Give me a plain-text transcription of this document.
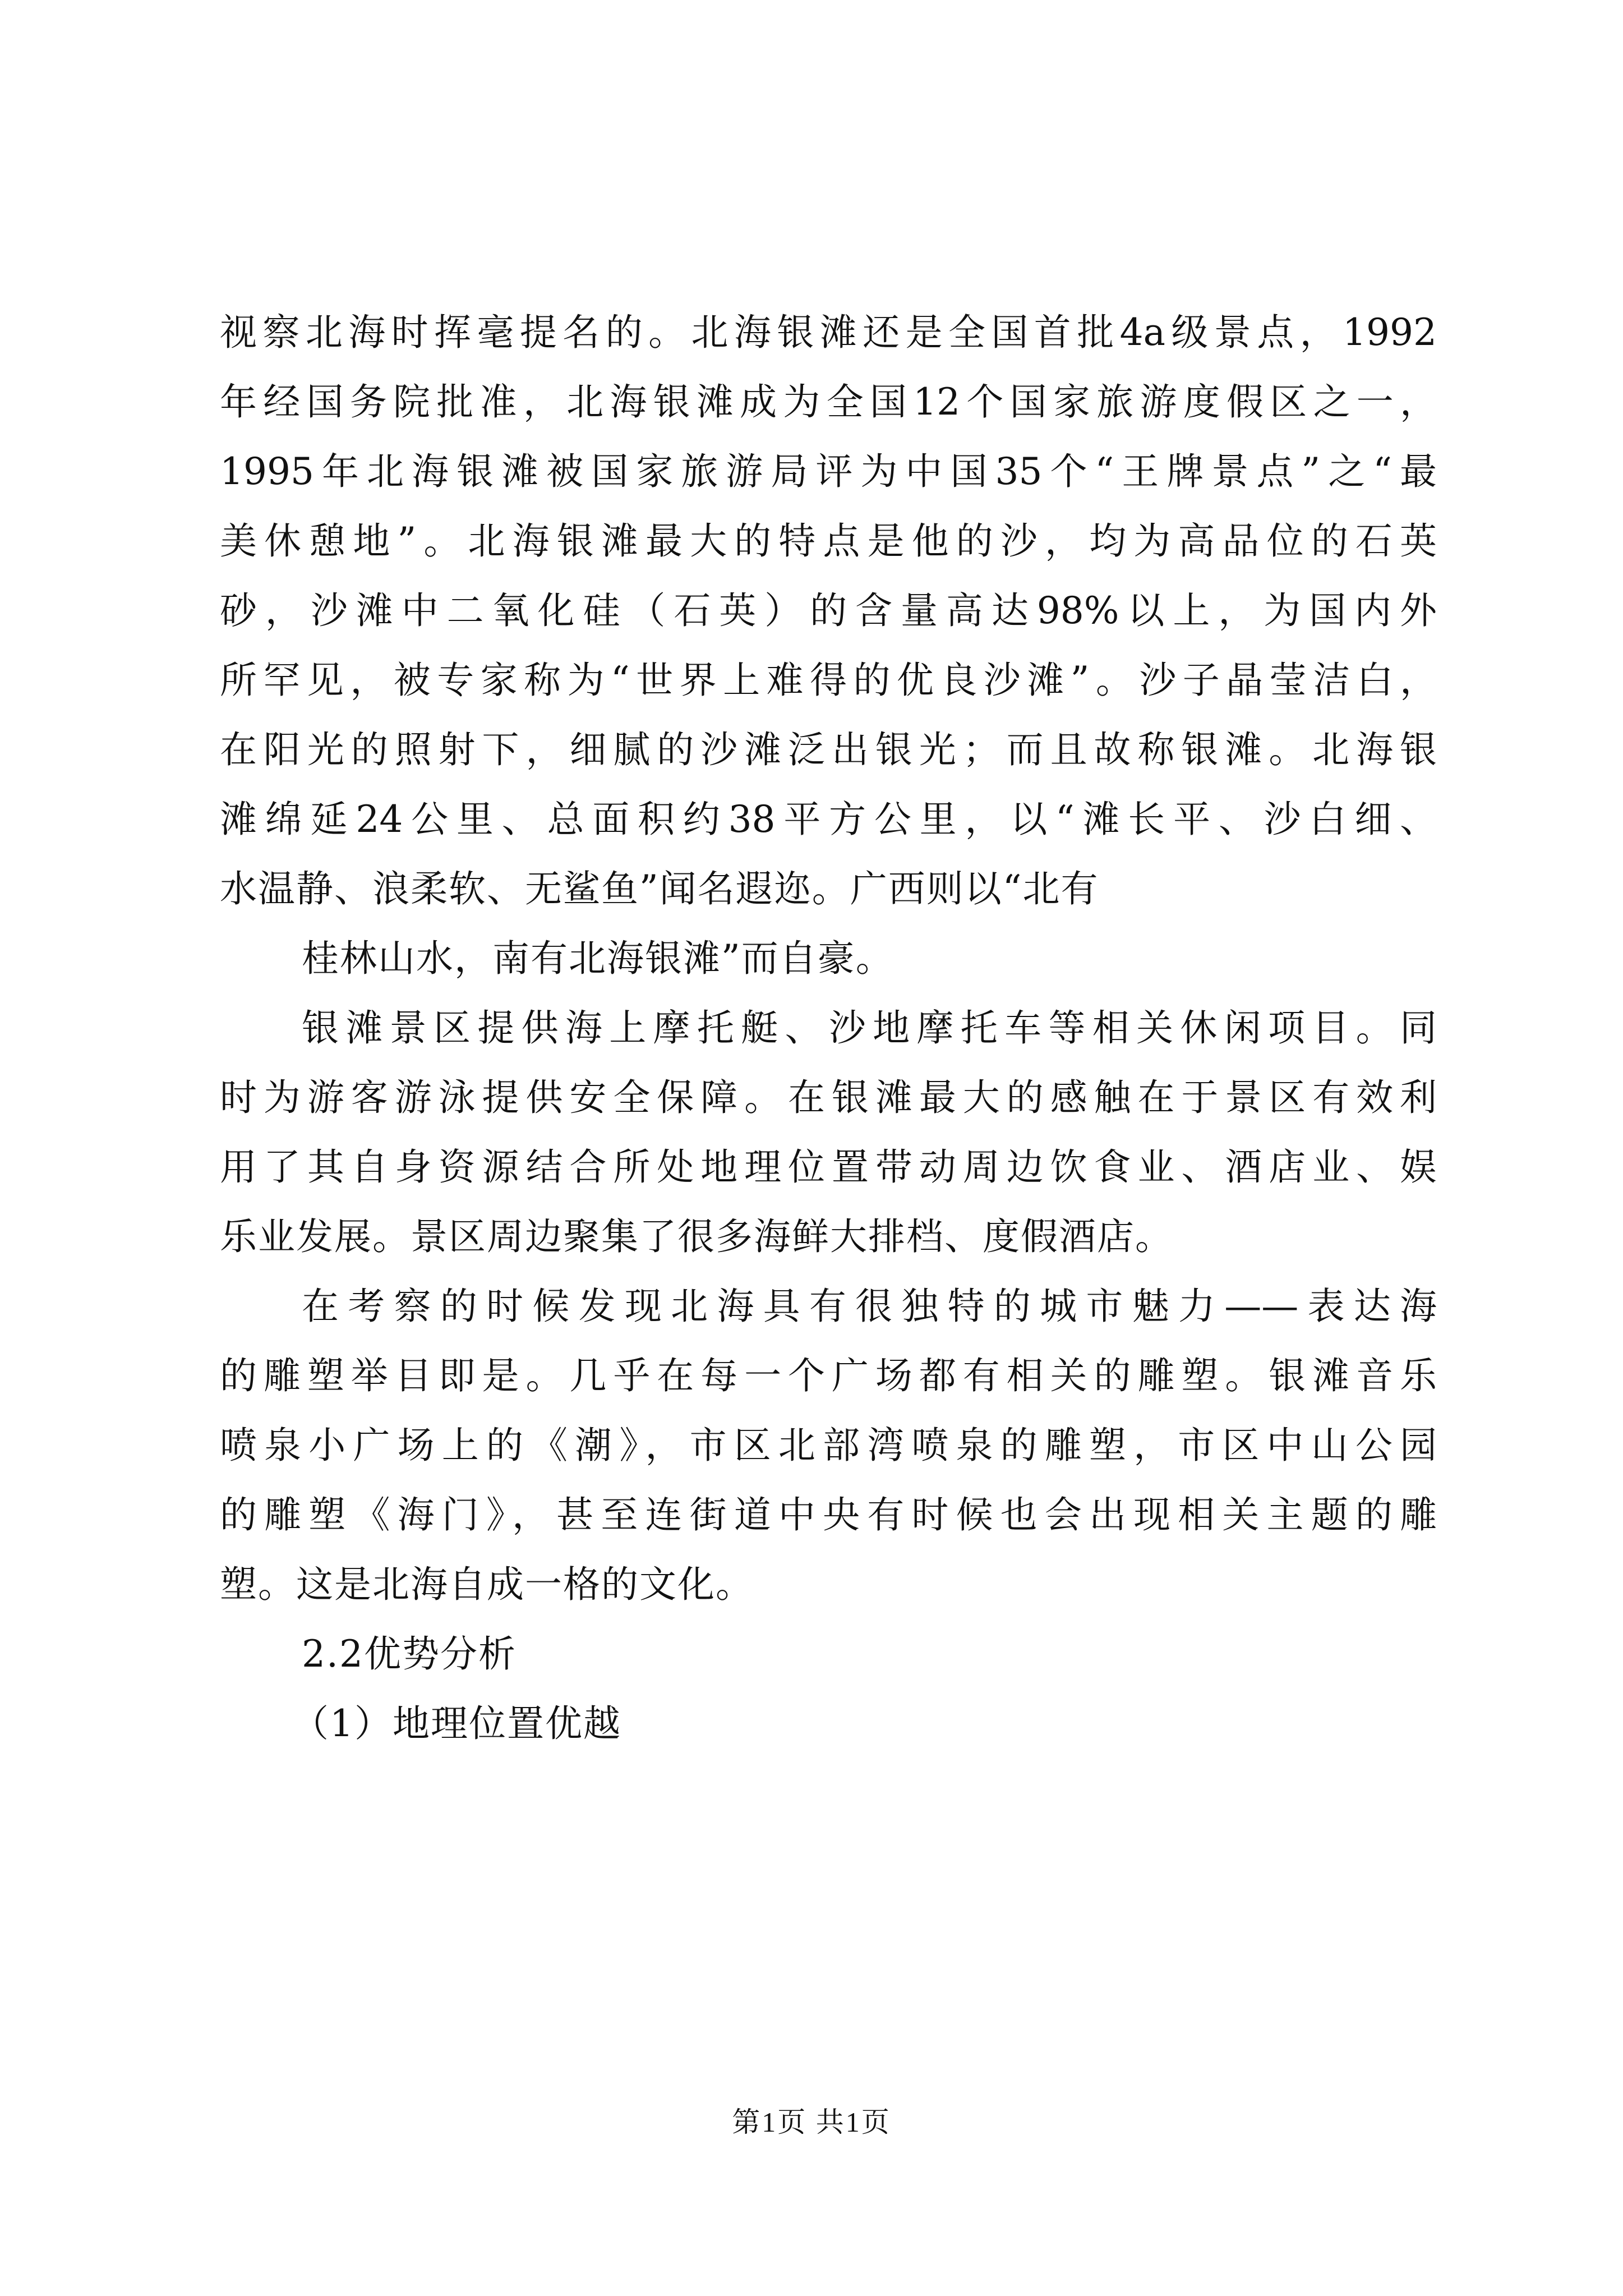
视察北海时挥毫提名的。北海银滩还是全国首批4a级景点，1992
年经国务院批准，北海银滩成为全国12个国家旅游度假区之一，
1995年北海银滩被国家旅游局评为中国35个“王牌景点”之“最
美休憩地”。北海银滩最大的特点是他的沙，均为高品位的石英
砂，沙滩中二氧化硅（石英）的含量高达98%以上，为国内外
所罕见，被专家称为“世界上难得的优良沙滩”。沙子晶莹洁白，
在阳光的照射下，细腻的沙滩泛出银光；而且故称银滩。北海银
滩绵延24公里、总面积约38平方公里，以“滩长平、沙白细、
水温静、浪柔软、无鲨鱼”闻名遐迩。广西则以“北有
桂林山水，南有北海银滩”而自豪。
银滩景区提供海上摩托艇、沙地摩托车等相关休闲项目。同
时为游客游泳提供安全保障。在银滩最大的感触在于景区有效利
用了其自身资源结合所处地理位置带动周边饮食业、酒店业、娱
乐业发展。景区周边聚集了很多海鲜大排档、度假酒店。
在考察的时候发现北海具有很独特的城市魅力——表达海
的雕塑举目即是。几乎在每一个广场都有相关的雕塑。银滩音乐
喷泉小广场上的《潮》，市区北部湾喷泉的雕塑，市区中山公园
的雕塑《海门》，甚至连街道中央有时候也会出现相关主题的雕
塑。这是北海自成一格的文化。
2.2优势分析
（1）地理位置优越
第1页 共1页
